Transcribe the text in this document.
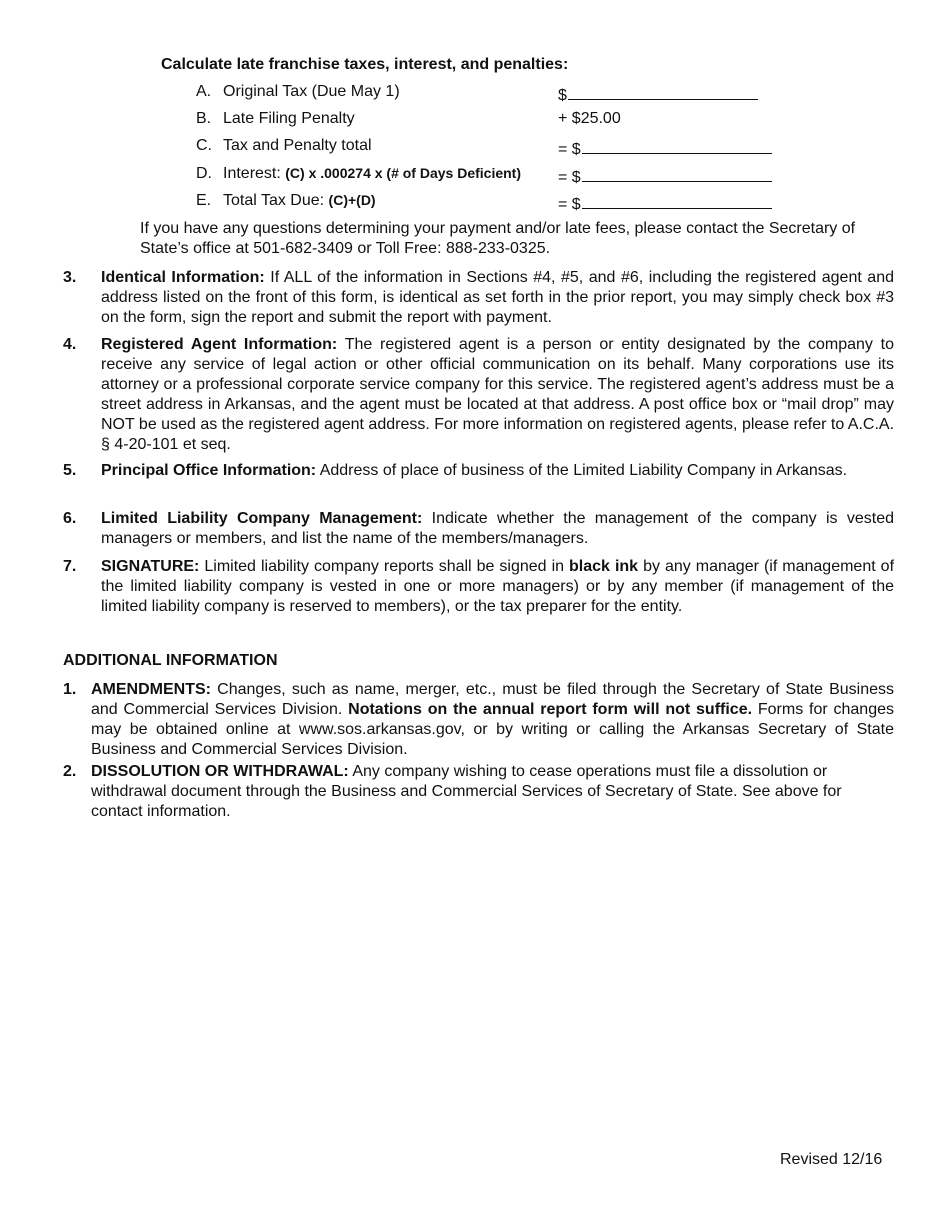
Calculate late franchise taxes, interest, and penalties:
A. Original Tax (Due May 1)	$
B. Late Filing Penalty	+ $25.00
C. Tax and Penalty total	= $
D. Interest: (C) x .000274 x (# of Days Deficient) = $
E. Total Tax Due: (C)+(D)	= $
If you have any questions determining your payment and/or late fees, please contact the Secretary of State’s office at 501-682-3409 or Toll Free: 888-233-0325.
3. Identical Information: If ALL of the information in Sections #4, #5, and #6, including the registered agent and address listed on the front of this form, is identical as set forth in the prior report, you may simply check box #3 on the form, sign the report and submit the report with payment.
4. Registered Agent Information: The registered agent is a person or entity designated by the company to receive any service of legal action or other official communication on its behalf. Many corporations use its attorney or a professional corporate service company for this service. The registered agent’s address must be a street address in Arkansas, and the agent must be located at that address. A post office box or “mail drop” may NOT be used as the registered agent address. For more information on registered agents, please refer to A.C.A. § 4-20-101 et seq.
5. Principal Office Information: Address of place of business of the Limited Liability Company in Arkansas.
6. Limited Liability Company Management: Indicate whether the management of the company is vested managers or members, and list the name of the members/managers.
7. SIGNATURE: Limited liability company reports shall be signed in black ink by any manager (if management of the limited liability company is vested in one or more managers) or by any member (if management of the limited liability company is reserved to members), or the tax preparer for the entity.
ADDITIONAL INFORMATION
1. AMENDMENTS: Changes, such as name, merger, etc., must be filed through the Secretary of State Business and Commercial Services Division. Notations on the annual report form will not suffice. Forms for changes may be obtained online at www.sos.arkansas.gov, or by writing or calling the Arkansas Secretary of State Business and Commercial Services Division.
2. DISSOLUTION OR WITHDRAWAL: Any company wishing to cease operations must file a dissolution or withdrawal document through the Business and Commercial Services of Secretary of State. See above for contact information.
Revised 12/16
